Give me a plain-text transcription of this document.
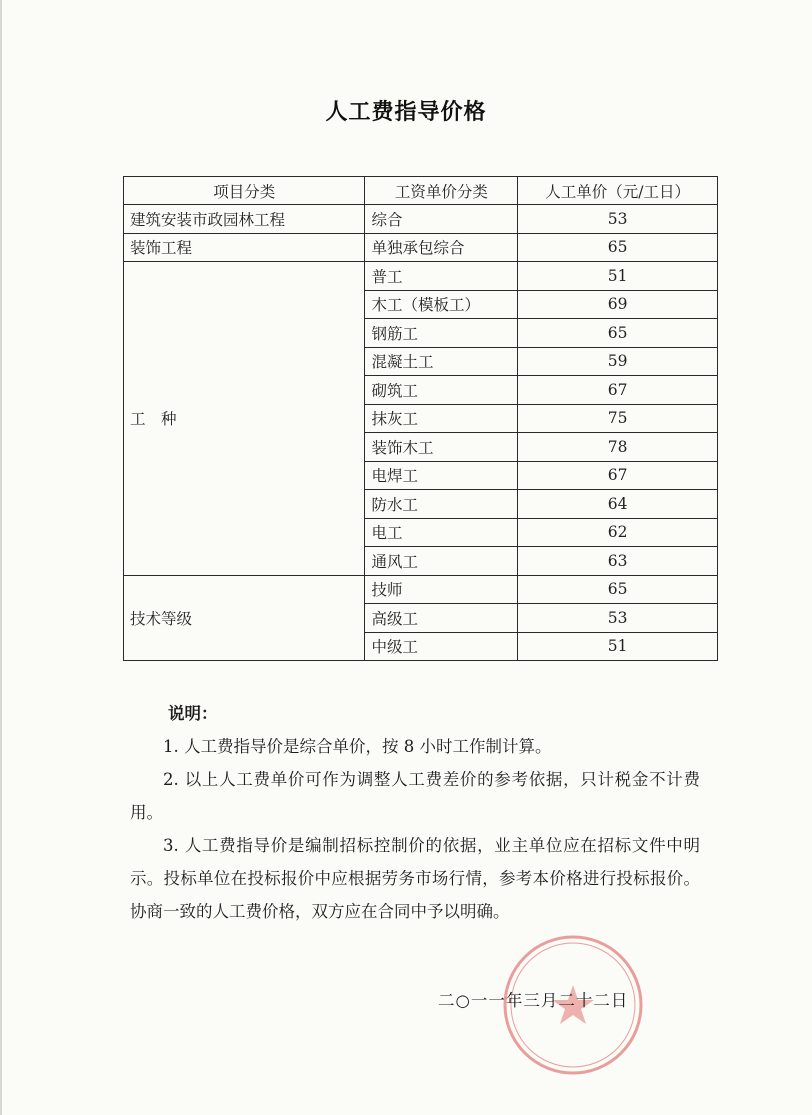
人工费指导价格
项目分类	工资单价分类	人工单价（元/工日）
建筑安装市政园林工程	综合	53
装饰工程	单独承包综合	65
工　种	普工	51
	木工（模板工）	69
	钢筋工	65
	混凝土工	59
	砌筑工	67
	抹灰工	75
	装饰木工	78
	电焊工	67
	防水工	64
	电工	62
	通风工	63
技术等级	技师	65
	高级工	53
	中级工	51
说明：

1. 人工费指导价是综合单价，按 8 小时工作制计算。

2. 以上人工费单价可作为调整人工费差价的参考依据，只计税金不计费用。

3. 人工费指导价是编制招标控制价的依据，业主单位应在招标文件中明示。投标单位在投标报价中应根据劳务市场行情，参考本价格进行投标报价。协商一致的人工费价格，双方应在合同中予以明确。

二○一一年三月二十二日
